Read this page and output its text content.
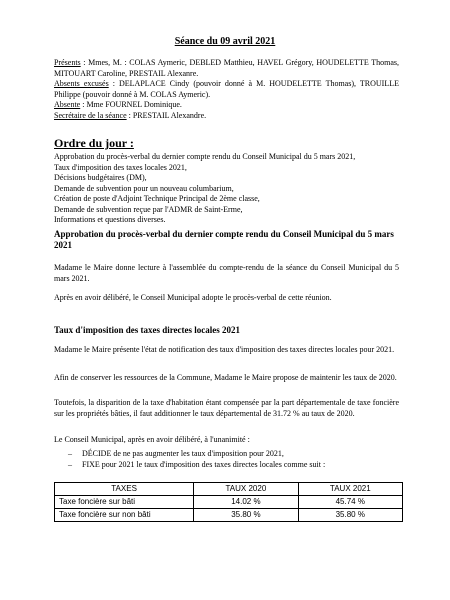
Séance du 09 avril 2021
Présents : Mmes, M. : COLAS Aymeric, DEBLED Matthieu, HAVEL Grégory, HOUDELETTE Thomas, MITOUART Caroline, PRESTAIL Alexanre.
Absents excusés : DELAPLACE Cindy (pouvoir donné à M. HOUDELETTE Thomas), TROUILLE Philippe (pouvoir donné à M. COLAS Aymeric).
Absente : Mme FOURNEL Dominique.
Secrétaire de la séance : PRESTAIL Alexandre.
Ordre du jour :
Approbation du procès-verbal du dernier compte rendu du Conseil Municipal du 5 mars 2021,
Taux d'imposition des taxes locales 2021,
Décisions budgétaires (DM),
Demande de subvention pour un nouveau columbarium,
Création de poste d'Adjoint Technique Principal de 2ème classe,
Demande de subvention reçue par l'ADMR de Saint-Erme,
Informations et questions diverses.
Approbation du procès-verbal du dernier compte rendu du Conseil Municipal du 5 mars 2021
Madame le Maire donne lecture à l'assemblée du compte-rendu de la séance du Conseil Municipal du 5 mars 2021.
Après en avoir délibéré, le Conseil Municipal adopte le procès-verbal de cette réunion.
Taux d'imposition des taxes directes locales 2021
Madame le Maire présente l'état de notification des taux d'imposition des taxes directes locales pour 2021.
Afin de conserver les ressources de la Commune, Madame le Maire propose de maintenir les taux de 2020.
Toutefois, la disparition de la taxe d'habitation étant compensée par la part départementale de taxe foncière sur les propriétés bâties, il faut additionner le taux départemental de 31.72 % au taux de 2020.
Le Conseil Municipal, après en avoir délibéré, à l'unanimité :
– DÉCIDE de ne pas augmenter les taux d'imposition pour 2021,
– FIXE pour 2021 le taux d'imposition des taxes directes locales comme suit :
TAXES	TAUX 2020	TAUX 2021
Taxe foncière sur bâti	14.02 %	45.74 %
Taxe foncière sur non bâti	35.80 %	35.80 %
